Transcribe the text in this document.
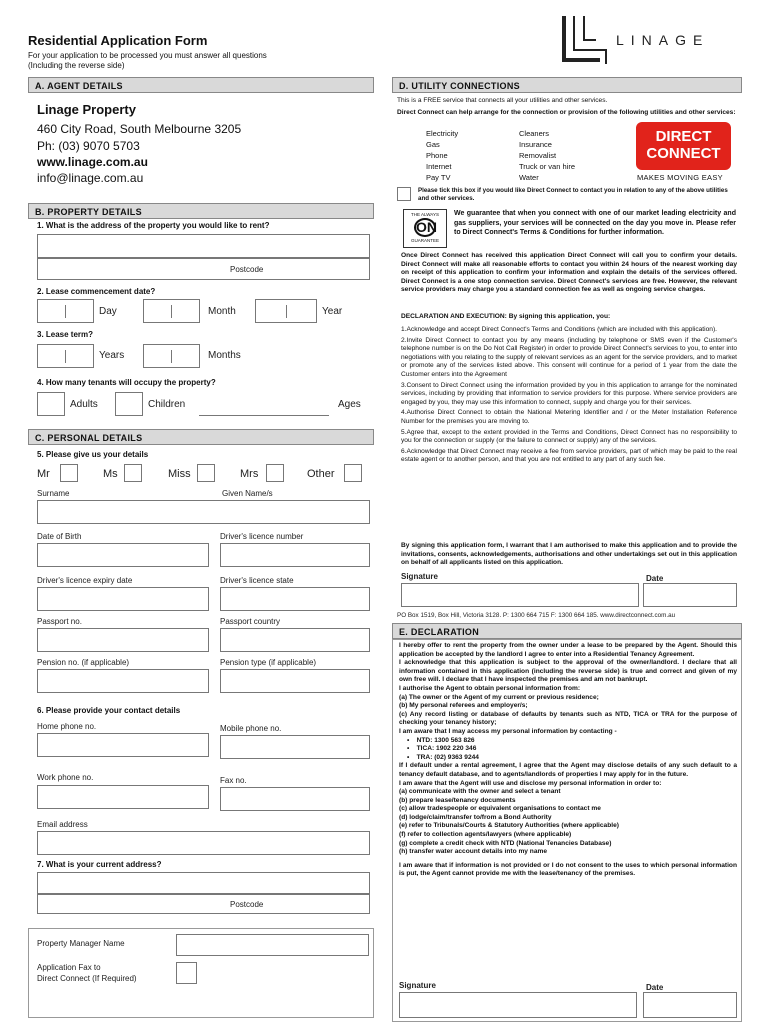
Residential Application Form
For your application to be processed you must answer all questions
(Including the reverse side)
LINAGE
A. AGENT DETAILS
Linage Property
460 City Road, South Melbourne 3205
Ph: (03) 9070 5703
www.linage.com.au
info@linage.com.au
B. PROPERTY DETAILS
1. What is the address of the property you would like to rent?
Postcode
2. Lease commencement date?
Day	Month	Year
3. Lease term?
Years	Months
4. How many tenants will occupy the property?
Adults	Children	Ages
C. PERSONAL DETAILS
5. Please give us your details
Mr	Ms	Miss	Mrs	Other
Surname	Given Name/s
Date of Birth	Driver's licence number
Driver's licence expiry date	Driver's licence state
Passport no.	Passport country
Pension no. (if applicable)	Pension type (if applicable)
6. Please provide your contact details
Home phone no.	Mobile phone no.
Work phone no.	Fax no.
Email address
7. What is your current address?
Postcode
Property Manager Name
Application Fax to
Direct Connect (If Required)
D. UTILITY CONNECTIONS
This is a FREE service that connects all your utilities and other services.
Direct Connect can help arrange for the connection or provision of the following utilities and other services:
Electricity
Gas
Phone
Internet
Pay TV
Cleaners
Insurance
Removalist
Truck or van hire
Water
DIRECT
CONNECT
MAKES MOVING EASY
Please tick this box if you would like Direct Connect to contact you in relation to any of the above utilities and other services.
THE ALWAYS
ON
GUARANTEE
We guarantee that when you connect with one of our market leading electricity and gas suppliers, your services will be connected on the day you move in. Please refer to Direct Connect's Terms & Conditions for further information.
Once Direct Connect has received this application Direct Connect will call you to confirm your details. Direct Connect will make all reasonable efforts to contact you within 24 hours of the nearest working day on receipt of this application to confirm your information and explain the details of the services offered. Direct Connect is a one stop connection service. Direct Connect's services are free. However, the relevant service providers may charge you a standard connection fee as well as ongoing service charges.
DECLARATION AND EXECUTION: By signing this application, you:
1.Acknowledge and accept Direct Connect's Terms and Conditions (which are included with this application).
2.Invite Direct Connect to contact you by any means (including by telephone or SMS even if the Customer's telephone number is on the Do Not Call Register) in order to provide Direct Connect's services to you, to enter into negotiations with you relating to the supply of relevant services as an agent for the service providers, and to market or promote any of the services listed above. This consent will continue for a period of 1 year from the date the Customer enters into the Agreement
3.Consent to Direct Connect using the information provided by you in this application to arrange for the nominated services, including by providing that information to service providers for this purpose. Where service providers are engaged by you, they may use this information to connect, supply and charge you for their services.
4.Authorise Direct Connect to obtain the National Metering Identifier and / or the Meter Installation Reference Number for the premises you are moving to.
5.Agree that, except to the extent provided in the Terms and Conditions, Direct Connect has no responsibility to you for the connection or supply (or the failure to connect or supply) any of the services.
6.Acknowledge that Direct Connect may receive a fee from service providers, part of which may be paid to the real estate agent or to another person, and that you are not entitled to any part of any such fee.
By signing this application form, I warrant that I am authorised to make this application and to provide the invitations, consents, acknowledgements, authorisations and other undertakings set out in this application on behalf of all applicants listed on this application.
Signature	Date
PO Box 1519, Box Hill, Victoria 3128. P: 1300 664 715 F: 1300 664 185. www.directconnect.com.au
E. DECLARATION
I hereby offer to rent the property from the owner under a lease to be prepared by the Agent. Should this application be accepted by the landlord I agree to enter into a Residential Tenancy Agreement.
I acknowledge that this application is subject to the approval of the owner/landlord. I declare that all information contained in this application (including the reverse side) is true and correct and given of my own free will. I declare that I have inspected the premises and am not bankrupt.
I authorise the Agent to obtain personal information from:
(a) The owner or the Agent of my current or previous residence;
(b) My personal referees and employer/s;
(c) Any record listing or database of defaults by tenants such as NTD, TICA or TRA for the purpose of checking your tenancy history;
I am aware that I may access my personal information by contacting -
•    NTD: 1300 563 826
•    TICA: 1902 220 346
•    TRA: (02) 9363 9244
If I default under a rental agreement, I agree that the Agent may disclose details of any such default to a tenancy default database, and to agents/landlords of properties I may apply for in the future.
I am aware that the Agent will use and disclose my personal information in order to:
(a) communicate with the owner and select a tenant
(b) prepare lease/tenancy documents
(c) allow tradespeople or equivalent organisations to contact me
(d) lodge/claim/transfer to/from a Bond Authority
(e) refer to Tribunals/Courts & Statutory Authorities (where applicable)
(f) refer to collection agents/lawyers (where applicable)
(g) complete a credit check with NTD (National Tenancies Database)
(h) transfer water account details into my name
I am aware that if information is not provided or I do not consent to the uses to which personal information is put, the Agent cannot provide me with the lease/tenancy of the premises.
Signature	Date
